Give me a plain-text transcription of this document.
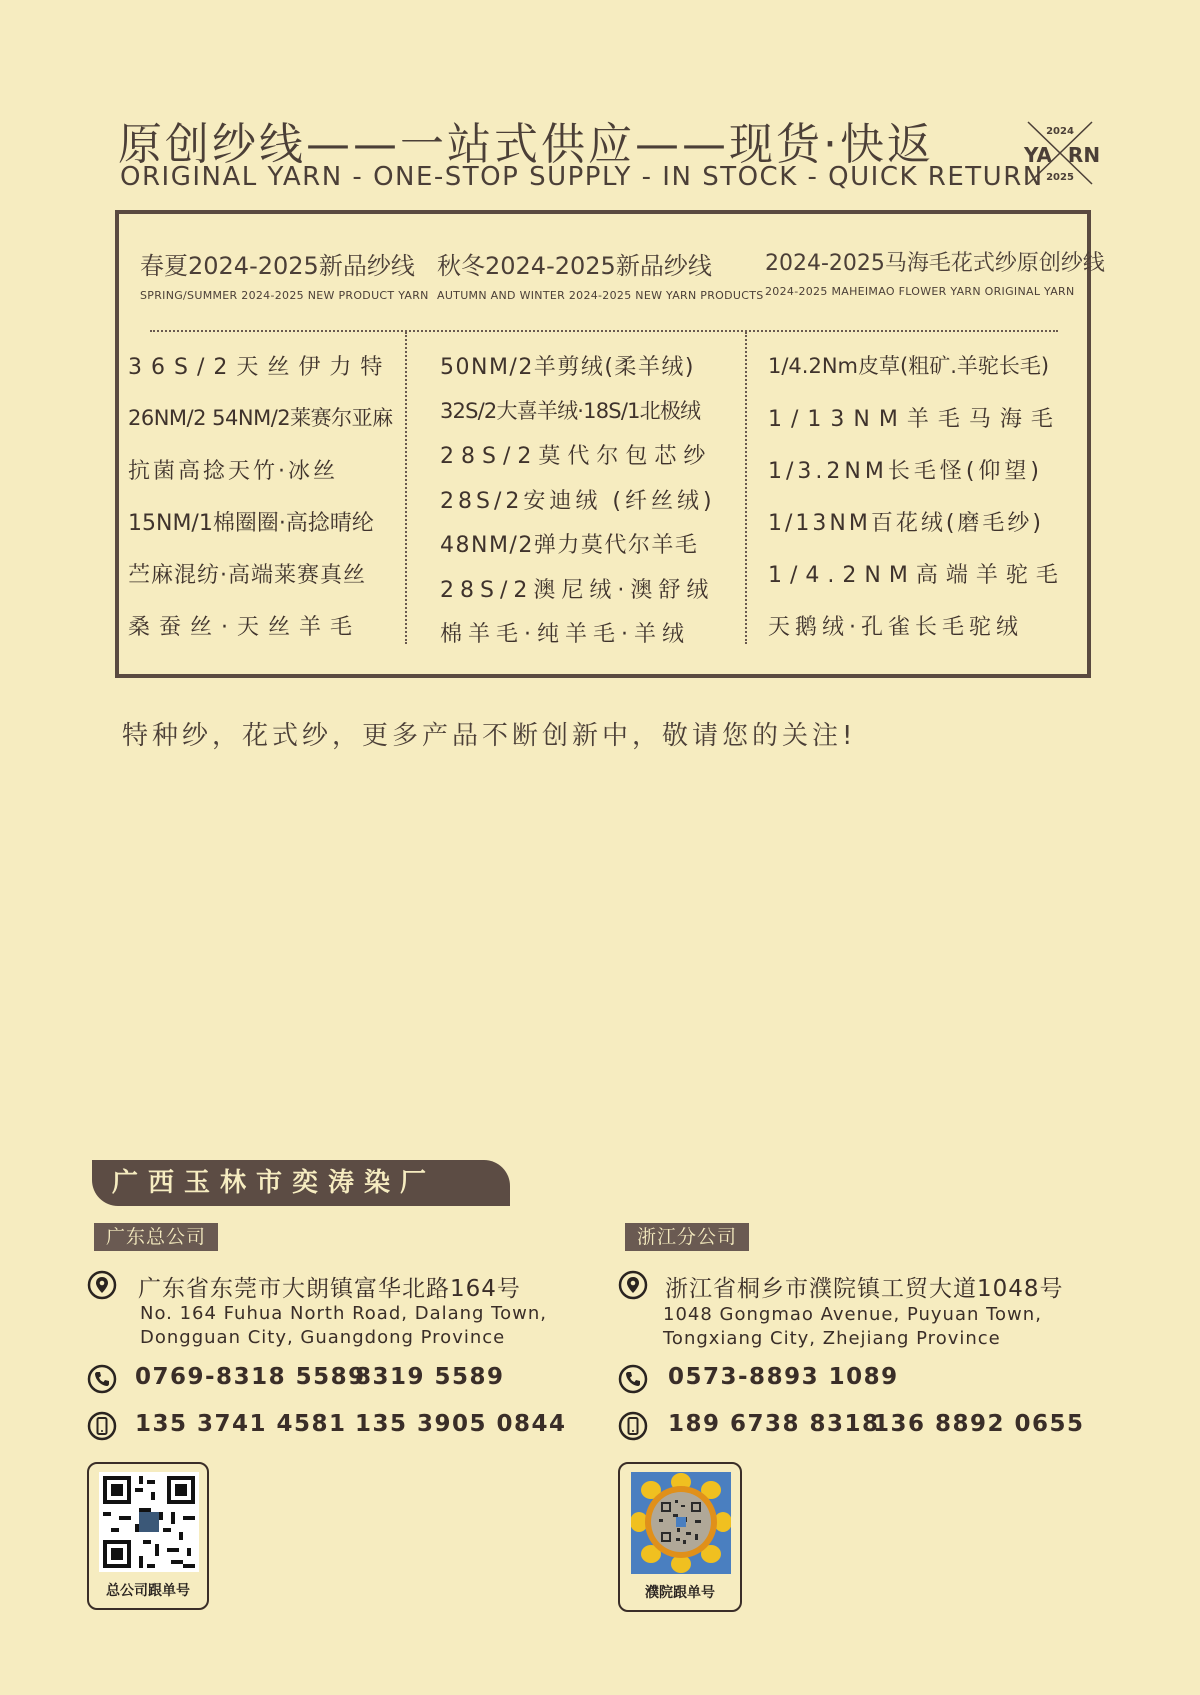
原创纱线——一站式供应——现货·快返
ORIGINAL YARN - ONE-STOP SUPPLY - IN STOCK - QUICK RETURN
2024
YA RN
2025
春夏2024-2025新品纱线
SPRING/SUMMER 2024-2025 NEW PRODUCT YARN
秋冬2024-2025新品纱线
AUTUMN AND WINTER 2024-2025 NEW YARN PRODUCTS
2024-2025马海毛花式纱原创纱线
2024-2025 MAHEIMAO FLOWER YARN ORIGINAL YARN
36S/2天丝伊力特
26NM/2 54NM/2莱赛尔亚麻
抗菌高捻天竹·冰丝
15NM/1棉圈圈·高捻晴纶
苎麻混纺·高端莱赛真丝
桑蚕丝·天丝羊毛
50NM/2羊剪绒(柔羊绒)
32S/2大喜羊绒·18S/1北极绒
28S/2莫代尔包芯纱
28S/2安迪绒 (纤丝绒)
48NM/2弹力莫代尔羊毛
28S/2澳尼绒·澳舒绒
棉羊毛·纯羊毛·羊绒
1/4.2Nm皮草(粗矿.羊驼长毛)
1/13NM羊毛马海毛
1/3.2NM长毛怪(仰望)
1/13NM百花绒(磨毛纱)
1/4.2NM高端羊驼毛
天鹅绒·孔雀长毛驼绒
特种纱，花式纱，更多产品不断创新中，敬请您的关注!
广西玉林市奕涛染厂
广东总公司
广东省东莞市大朗镇富华北路164号
No. 164 Fuhua North Road, Dalang Town,
Dongguan City, Guangdong Province
0769-8318 5589
8319 5589
135 3741 4581 135 3905 0844
总公司跟单号
浙江分公司
浙江省桐乡市濮院镇工贸大道1048号
1048 Gongmao Avenue, Puyuan Town,
Tongxiang City, Zhejiang Province
0573-8893 1089
189 6738 8318
136 8892 0655
濮院跟单号
